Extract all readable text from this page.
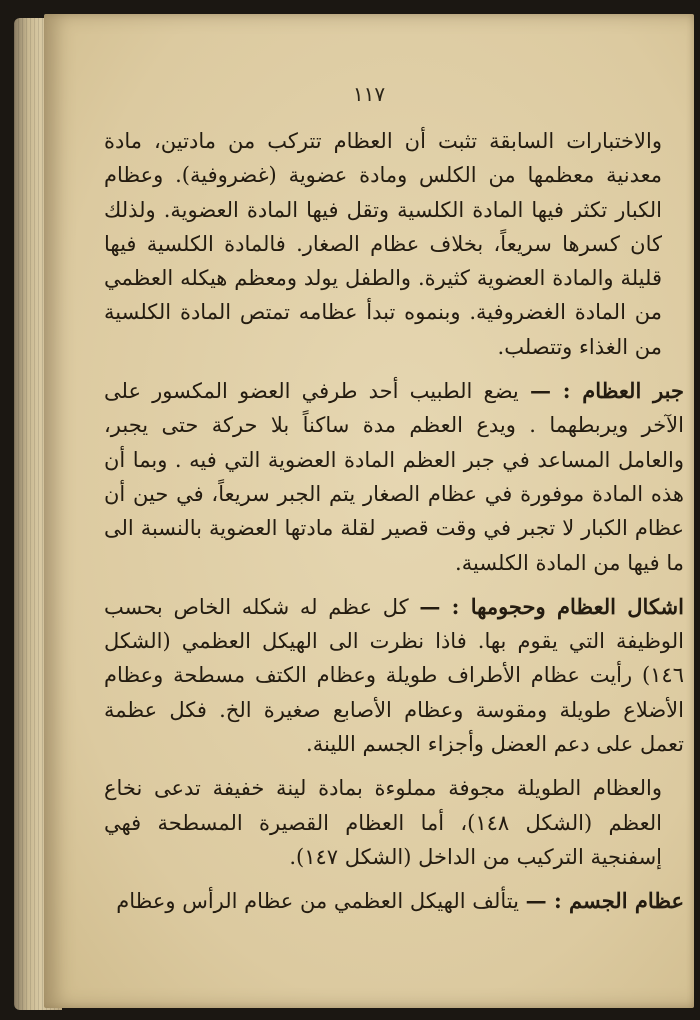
١١٧

والاختبارات السابقة تثبت أن العظام تتركب من مادتين، مادة معدنية معظمها من الكلس ومادة عضوية (غضروفية). وعظام الكبار تكثر فيها المادة الكلسية وتقل فيها المادة العضوية. ولذلك كان كسرها سريعاً، بخلاف عظام الصغار. فالمادة الكلسية فيها قليلة والمادة العضوية كثيرة. والطفل يولد ومعظم هيكله العظمي من المادة الغضروفية. وبنموه تبدأ عظامه تمتص المادة الكلسية من الغذاء وتتصلب.

جبر العظام : — يضع الطبيب أحد طرفي العضو المكسور على الآخر ويربطهما . ويدع العظم مدة ساكناً بلا حركة حتى يجبر، والعامل المساعد في جبر العظم المادة العضوية التي فيه . وبما أن هذه المادة موفورة في عظام الصغار يتم الجبر سريعاً، في حين أن عظام الكبار لا تجبر في وقت قصير لقلة مادتها العضوية بالنسبة الى ما فيها من المادة الكلسية.

اشكال العظام وحجومها : — كل عظم له شكله الخاص بحسب الوظيفة التي يقوم بها. فاذا نظرت الى الهيكل العظمي (الشكل ١٤٦) رأيت عظام الأطراف طويلة وعظام الكتف مسطحة وعظام الأضلاع طويلة ومقوسة وعظام الأصابع صغيرة الخ. فكل عظمة تعمل على دعم العضل وأجزاء الجسم اللينة.

والعظام الطويلة مجوفة مملوءة بمادة لينة خفيفة تدعى نخاع العظم (الشكل ١٤٨)، أما العظام القصيرة المسطحة فهي إسفنجية التركيب من الداخل (الشكل ١٤٧).

عظام الجسم : — يتألف الهيكل العظمي من عظام الرأس وعظام
